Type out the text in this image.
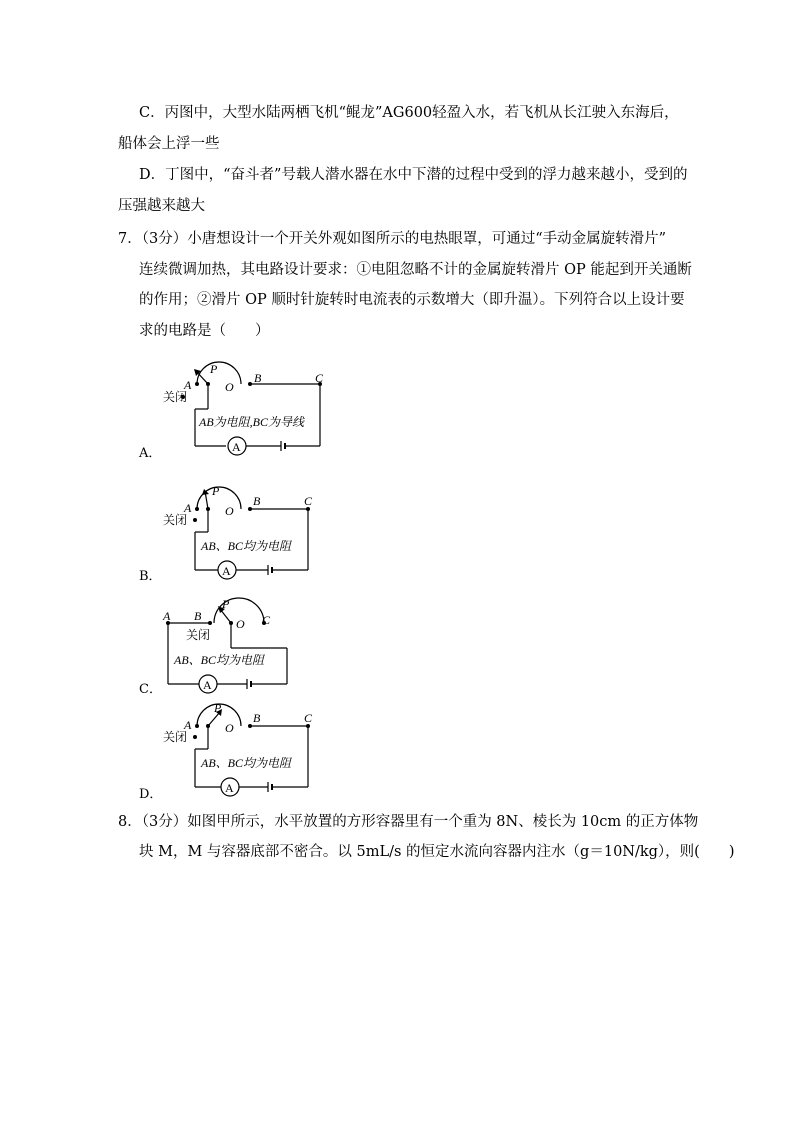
C．丙图中，大型水陆两栖飞机“鲲龙”AG600轻盈入水，若飞机从长江驶入东海后，
船体会上浮一些
D．丁图中，“奋斗者”号载人潜水器在水中下潜的过程中受到的浮力越来越小，受到的
压强越来越大
7．（3分）小唐想设计一个开关外观如图所示的电热眼罩，可通过“手动金属旋转滑片”
连续微调加热，其电路设计要求：①电阻忽略不计的金属旋转滑片 OP 能起到开关通断
的作用；②滑片 OP 顺时针旋转时电流表的示数增大（即升温）。下列符合以上设计要
求的电路是（　　）
8．（3分）如图甲所示，水平放置的方形容器里有一个重为 8N、棱长为 10cm 的正方体物
块 M，M 与容器底部不密合。以 5mL/s 的恒定水流向容器内注水（g＝10N/kg），则(　　)
A．
B．
C．
D．
A
P
O
B	C
关闭
AB为电阻,BC为导线
A
A
P
O
B	C
关闭
AB、BC均为电阻
A
A
P
O
B	C
关闭
AB、BC均为电阻
A
A
P
O
B	C
关闭
AB、BC均为电阻
A
